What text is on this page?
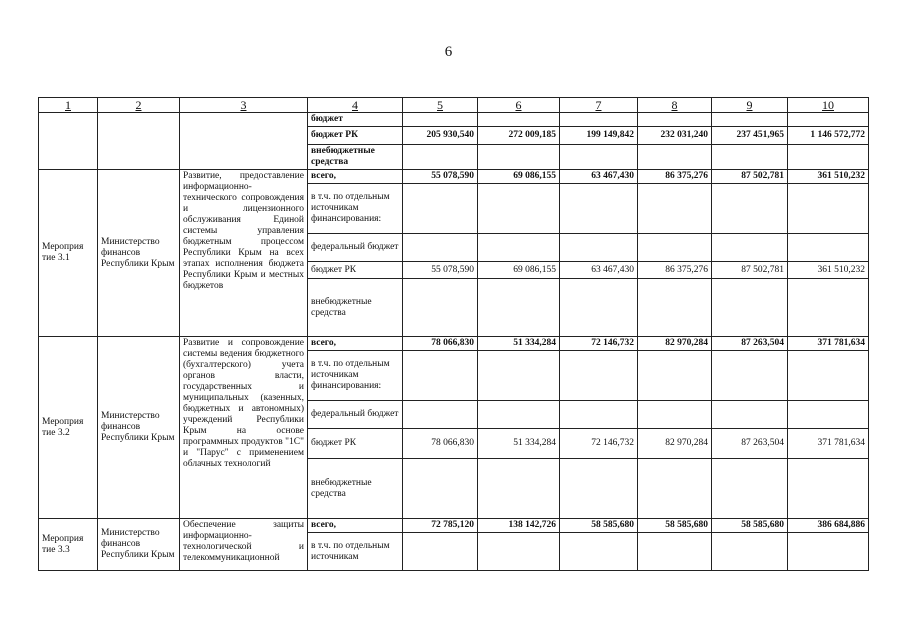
6
1	2	3	4	5	6	7	8	9	10
			бюджет						
			бюджет РК	205 930,540	272 009,185	199 149,842	232 031,240	237 451,965	1 146 572,772
			внебюджетные средства						
Мероприя тие 3.1	Министерство финансов Республики Крым	Развитие, предоставление информационно-технического сопровождения и лицензионного обслуживания Единой системы управления бюджетным процессом Республики Крым на всех этапах исполнения бюджета Республики Крым и местных бюджетов	всего,	55 078,590	69 086,155	63 467,430	86 375,276	87 502,781	361 510,232
			в т.ч. по отдельным источникам финансирования:						
			федеральный бюджет						
			бюджет РК	55 078,590	69 086,155	63 467,430	86 375,276	87 502,781	361 510,232
			внебюджетные средства						
Мероприя тие 3.2	Министерство финансов Республики Крым	Развитие и сопровождение системы ведения бюджетного (бухгалтерского) учета органов власти, государственных и муниципальных (казенных, бюджетных и автономных) учреждений Республики Крым на основе программных продуктов "1С" и "Парус" с применением облачных технологий	всего,	78 066,830	51 334,284	72 146,732	82 970,284	87 263,504	371 781,634
			в т.ч. по отдельным источникам финансирования:						
			федеральный бюджет						
			бюджет РК	78 066,830	51 334,284	72 146,732	82 970,284	87 263,504	371 781,634
			внебюджетные средства						
Мероприя тие 3.3	Министерство финансов Республики Крым	Обеспечение защиты информационно-технологической и телекоммуникационной	всего,	72 785,120	138 142,726	58 585,680	58 585,680	58 585,680	386 684,886
			в т.ч. по отдельным источникам						
